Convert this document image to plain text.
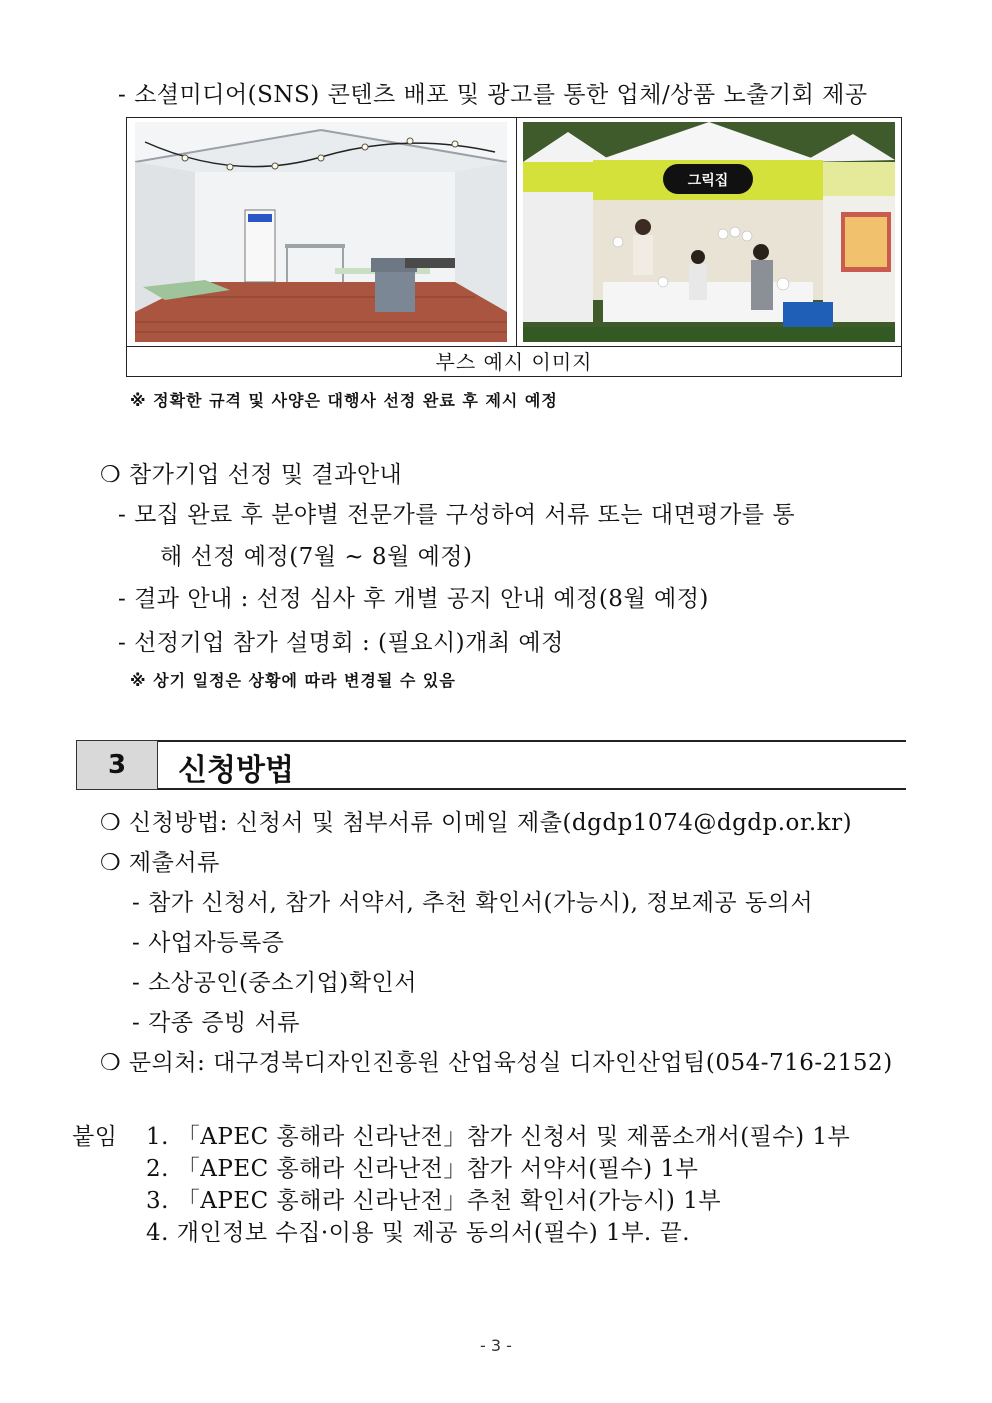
- 소셜미디어(SNS) 콘텐츠 배포 및 광고를 통한 업체/상품 노출기회 제공
그릭집
부스 예시 이미지
※ 정확한 규격 및 사양은 대행사 선정 완료 후 제시 예정
❍ 참가기업 선정 및 결과안내
- 모집 완료 후 분야별 전문가를 구성하여 서류 또는 대면평가를 통
해 선정 예정(7월 ~ 8월 예정)
- 결과 안내 : 선정 심사 후 개별 공지 안내 예정(8월 예정)
- 선정기업 참가 설명회 : (필요시)개최 예정
※ 상기 일정은 상황에 따라 변경될 수 있음
3	신청방법
❍ 신청방법: 신청서 및 첨부서류 이메일 제출(dgdp1074@dgdp.or.kr)
❍ 제출서류
- 참가 신청서, 참가 서약서, 추천 확인서(가능시), 정보제공 동의서
- 사업자등록증
- 소상공인(중소기업)확인서
- 각종 증빙 서류
❍ 문의처: 대구경북디자인진흥원 산업육성실 디자인산업팀(054-716-2152)
붙임 1. 「APEC 홍해라 신라난전」참가 신청서 및 제품소개서(필수) 1부
2. 「APEC 홍해라 신라난전」참가 서약서(필수) 1부
3. 「APEC 홍해라 신라난전」추천 확인서(가능시) 1부
4. 개인정보 수집·이용 및 제공 동의서(필수) 1부. 끝.
- 3 -
